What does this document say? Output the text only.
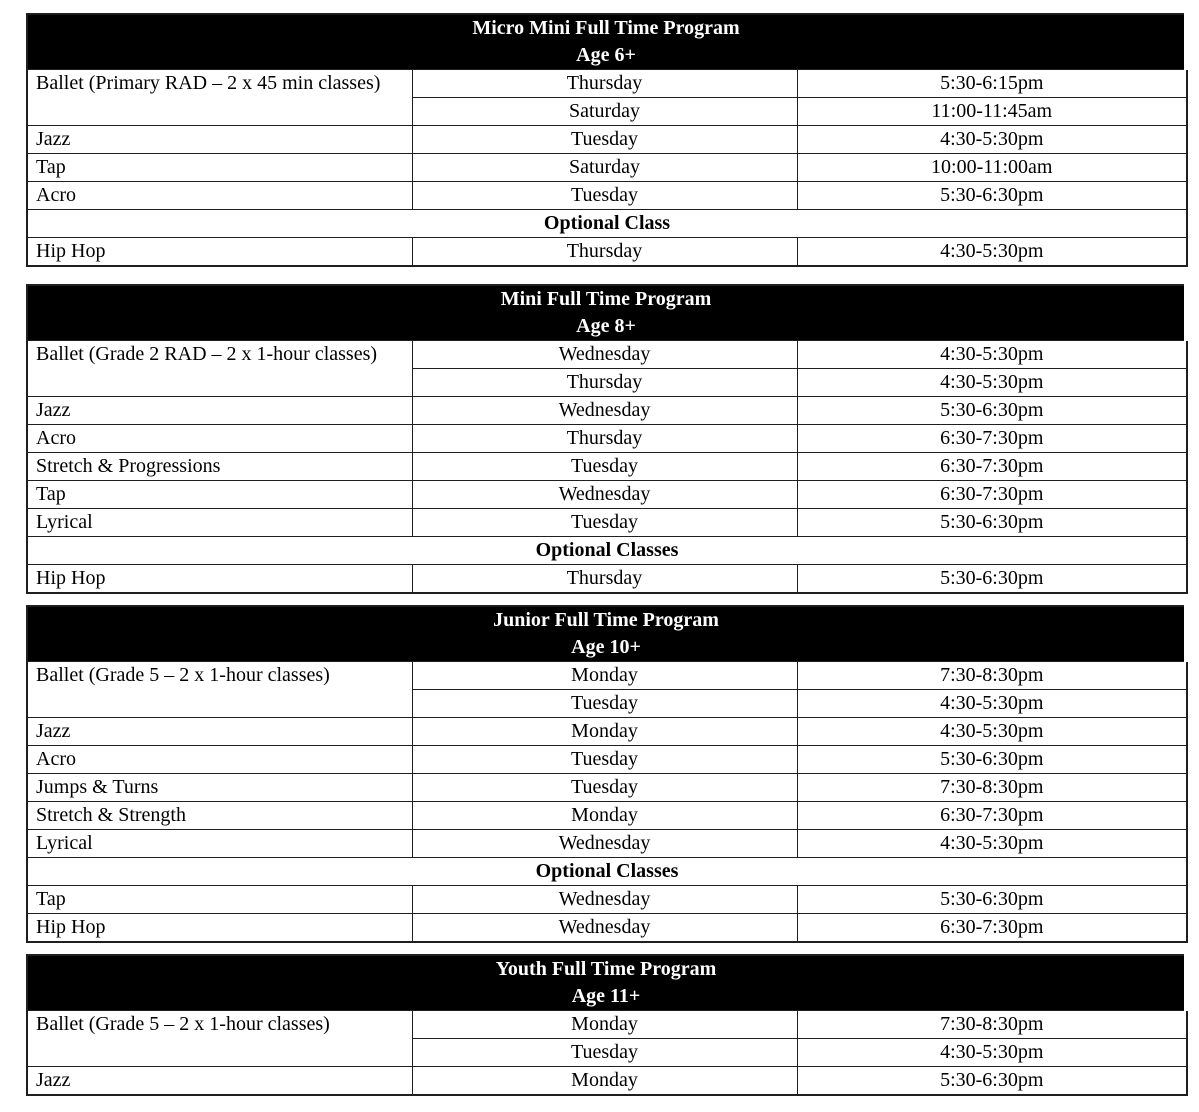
Micro Mini Full Time Program
Age 6+		

Ballet (Primary RAD – 2 x 45 min classes)	Thursday	5:30-6:15pm
	Saturday	11:00-11:45am
Jazz	Tuesday	4:30-5:30pm
Tap	Saturday	10:00-11:00am
Acro	Tuesday	5:30-6:30pm
Optional Class		
Hip Hop	Thursday	4:30-5:30pm
Mini Full Time Program
Age 8+		

Ballet (Grade 2 RAD – 2 x 1-hour classes)	Wednesday	4:30-5:30pm
	Thursday	4:30-5:30pm
Jazz	Wednesday	5:30-6:30pm
Acro	Thursday	6:30-7:30pm
Stretch & Progressions	Tuesday	6:30-7:30pm
Tap	Wednesday	6:30-7:30pm
Lyrical	Tuesday	5:30-6:30pm
Optional Classes		
Hip Hop	Thursday	5:30-6:30pm
Junior Full Time Program
Age 10+		

Ballet (Grade 5 – 2 x 1-hour classes)	Monday	7:30-8:30pm
	Tuesday	4:30-5:30pm
Jazz	Monday	4:30-5:30pm
Acro	Tuesday	5:30-6:30pm
Jumps & Turns	Tuesday	7:30-8:30pm
Stretch & Strength	Monday	6:30-7:30pm
Lyrical	Wednesday	4:30-5:30pm
Optional Classes		
Tap	Wednesday	5:30-6:30pm
Hip Hop	Wednesday	6:30-7:30pm
Youth Full Time Program
Age 11+		

Ballet (Grade 5 – 2 x 1-hour classes)	Monday	7:30-8:30pm
	Tuesday	4:30-5:30pm
Jazz	Monday	5:30-6:30pm
